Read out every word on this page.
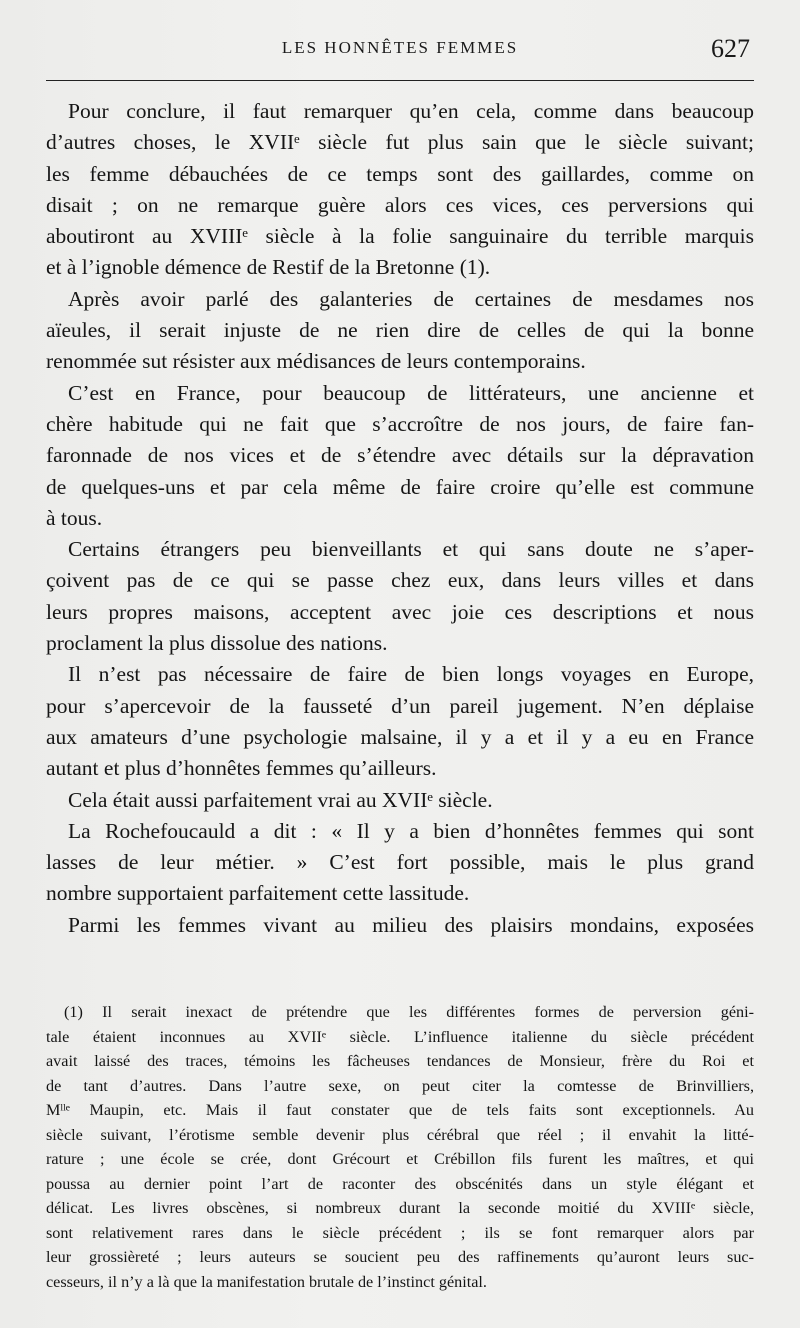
LES HONNÊTES FEMMES	627
Pour conclure, il faut remarquer qu’en cela, comme dans beaucoup
d’autres choses, le XVIIᵉ siècle fut plus sain que le siècle suivant;
les femme débauchées de ce temps sont des gaillardes, comme on
disait ; on ne remarque guère alors ces vices, ces perversions qui
aboutiront au XVIIIᵉ siècle à la folie sanguinaire du terrible marquis
et à l’ignoble démence de Restif de la Bretonne (1).
Après avoir parlé des galanteries de certaines de mesdames nos
aïeules, il serait injuste de ne rien dire de celles de qui la bonne
renommée sut résister aux médisances de leurs contemporains.
C’est en France, pour beaucoup de littérateurs, une ancienne et
chère habitude qui ne fait que s’accroître de nos jours, de faire fan-
faronnade de nos vices et de s’étendre avec détails sur la dépravation
de quelques-uns et par cela même de faire croire qu’elle est commune
à tous.
Certains étrangers peu bienveillants et qui sans doute ne s’aper-
çoivent pas de ce qui se passe chez eux, dans leurs villes et dans
leurs propres maisons, acceptent avec joie ces descriptions et nous
proclament la plus dissolue des nations.
Il n’est pas nécessaire de faire de bien longs voyages en Europe,
pour s’apercevoir de la fausseté d’un pareil jugement. N’en déplaise
aux amateurs d’une psychologie malsaine, il y a et il y a eu en France
autant et plus d’honnêtes femmes qu’ailleurs.
Cela était aussi parfaitement vrai au XVIIᵉ siècle.
La Rochefoucauld a dit : « Il y a bien d’honnêtes femmes qui sont
lasses de leur métier. » C’est fort possible, mais le plus grand
nombre supportaient parfaitement cette lassitude.
Parmi les femmes vivant au milieu des plaisirs mondains, exposées
(1) Il serait inexact de prétendre que les différentes formes de perversion géni-
tale étaient inconnues au XVIIᵉ siècle. L’influence italienne du siècle précédent
avait laissé des traces, témoins les fâcheuses tendances de Monsieur, frère du Roi et
de tant d’autres. Dans l’autre sexe, on peut citer la comtesse de Brinvilliers,
Mˡˡᵉ Maupin, etc. Mais il faut constater que de tels faits sont exceptionnels. Au
siècle suivant, l’érotisme semble devenir plus cérébral que réel ; il envahit la litté-
rature ; une école se crée, dont Grécourt et Crébillon fils furent les maîtres, et qui
poussa au dernier point l’art de raconter des obscénités dans un style élégant et
délicat. Les livres obscènes, si nombreux durant la seconde moitié du XVIIIᵉ siècle,
sont relativement rares dans le siècle précédent ; ils se font remarquer alors par
leur grossièreté ; leurs auteurs se soucient peu des raffinements qu’auront leurs suc-
cesseurs, il n’y a là que la manifestation brutale de l’instinct génital.
